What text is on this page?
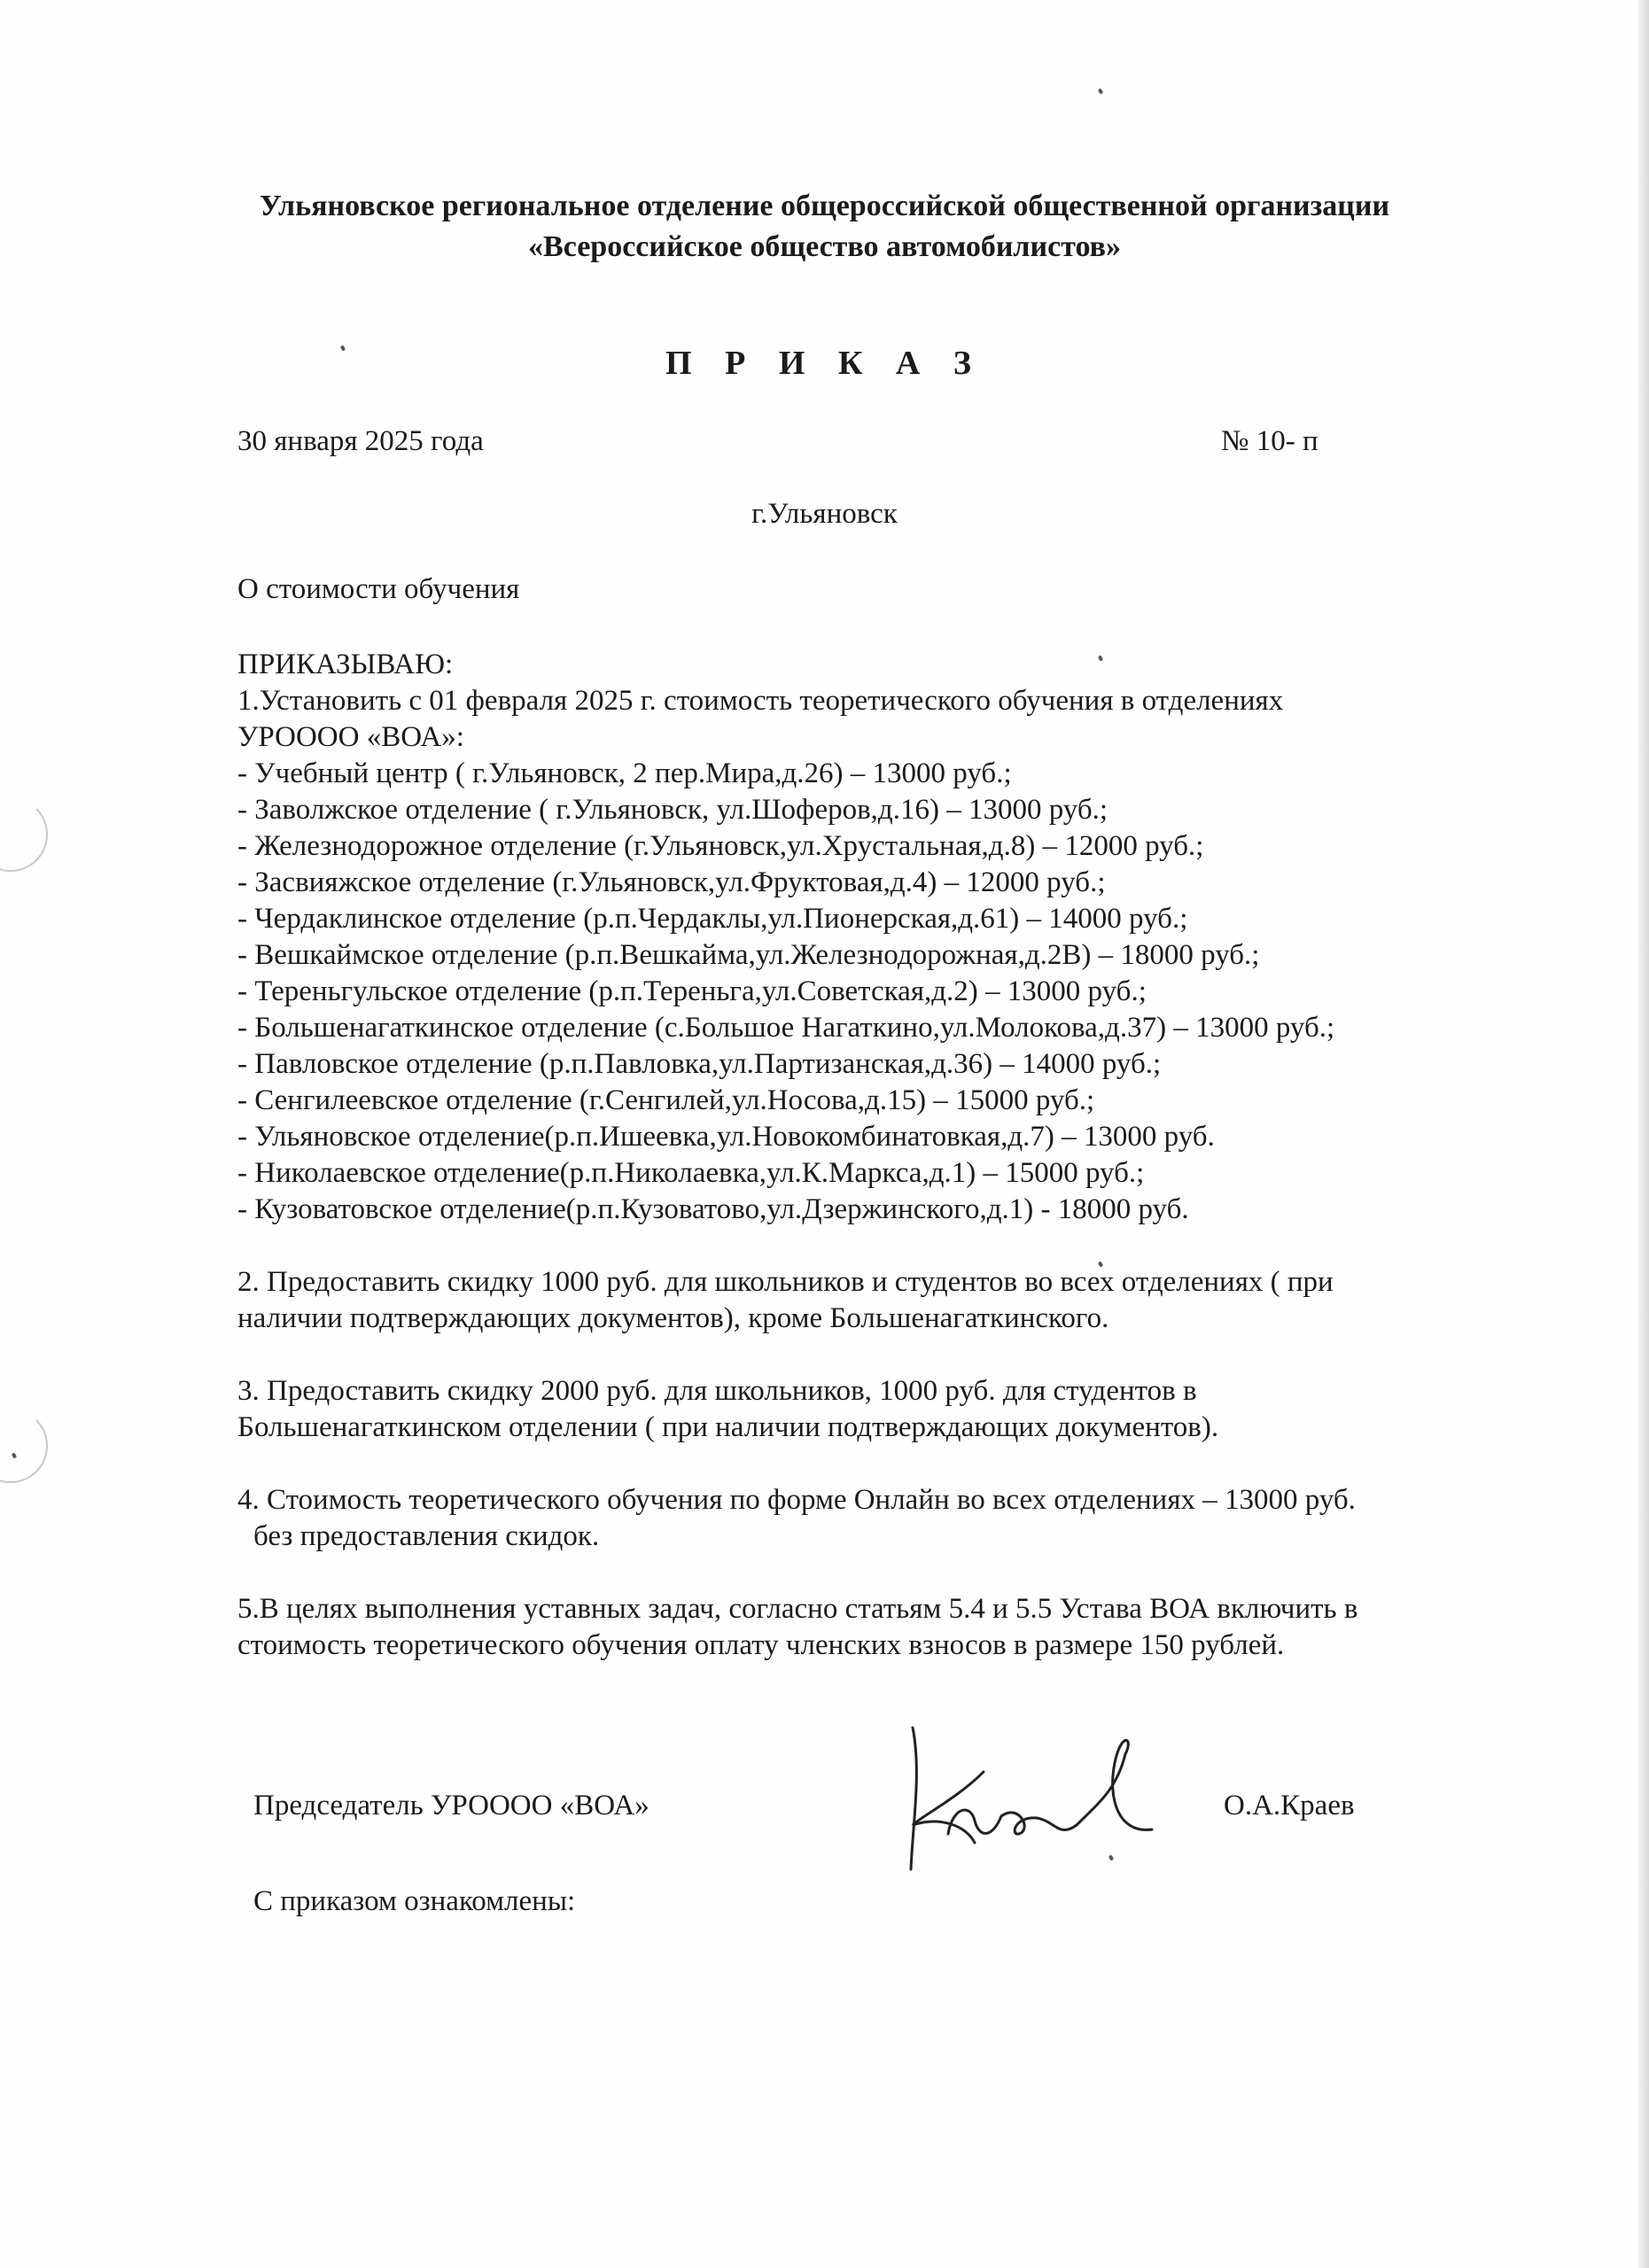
Ульяновское региональное отделение общероссийской общественной организации
«Всероссийское общество автомобилистов»
П Р И К А З
30 января 2025 года	№ 10- п
г.Ульяновск
О стоимости обучения

ПРИКАЗЫВАЮ:

1.Установить с 01 февраля 2025 г. стоимость теоретического обучения в отделениях

УРОООО «ВОА»:

- Учебный центр ( г.Ульяновск, 2 пер.Мира,д.26) – 13000 руб.;
- Заволжское отделение ( г.Ульяновск, ул.Шоферов,д.16) – 13000 руб.;
- Железнодорожное отделение (г.Ульяновск,ул.Хрустальная,д.8) – 12000 руб.;
- Засвияжское отделение (г.Ульяновск,ул.Фруктовая,д.4) – 12000 руб.;
- Чердаклинское отделение (р.п.Чердаклы,ул.Пионерская,д.61) – 14000 руб.;
- Вешкаймское отделение (р.п.Вешкайма,ул.Железнодорожная,д.2В) – 18000 руб.;
- Тереньгульское отделение (р.п.Тереньга,ул.Советская,д.2) – 13000 руб.;
- Большенагаткинское отделение (с.Большое Нагаткино,ул.Молокова,д.37) – 13000 руб.;
- Павловское отделение (р.п.Павловка,ул.Партизанская,д.36) – 14000 руб.;
- Сенгилеевское отделение (г.Сенгилей,ул.Носова,д.15) – 15000 руб.;
- Ульяновское отделение(р.п.Ишеевка,ул.Новокомбинатовкая,д.7) – 13000 руб.
- Николаевское отделение(р.п.Николаевка,ул.К.Маркса,д.1) – 15000 руб.;
- Кузоватовское отделение(р.п.Кузоватово,ул.Дзержинского,д.1) - 18000 руб.

2. Предоставить скидку 1000 руб. для школьников и студентов во всех отделениях ( при

наличии подтверждающих документов), кроме Большенагаткинского.

3. Предоставить скидку 2000 руб. для школьников, 1000 руб. для студентов в

Большенагаткинском отделении ( при наличии подтверждающих документов).

4. Стоимость теоретического обучения по форме Онлайн во всех отделениях – 13000 руб.

без предоставления скидок.

5.В целях выполнения уставных задач, согласно статьям 5.4 и 5.5 Устава ВОА включить в

стоимость теоретического обучения оплату членских взносов в размере 150 рублей.

Председатель УРОООО «ВОА»	О.А.Краев
С приказом ознакомлены:
